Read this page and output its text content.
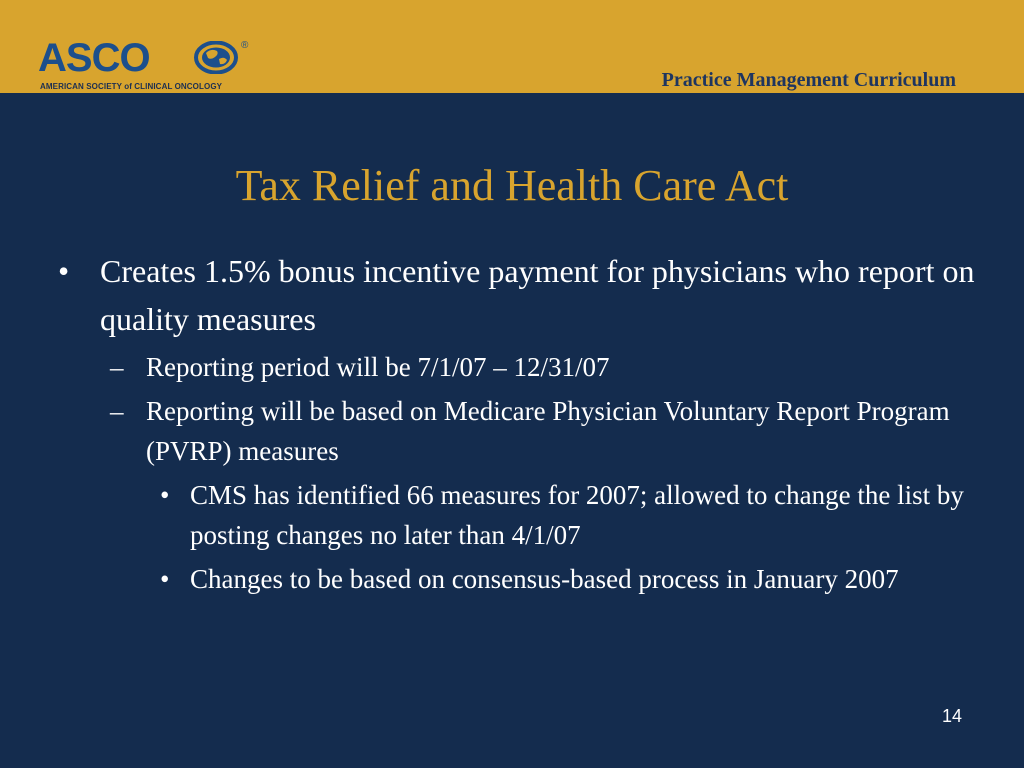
ASCO	®
AMERICAN SOCIETY of CLINICAL ONCOLOGY	Practice Management Curriculum
Tax Relief and Health Care Act
• Creates 1.5% bonus incentive payment for physicians who report on quality measures
– Reporting period will be 7/1/07 – 12/31/07
– Reporting will be based on Medicare Physician Voluntary Report Program (PVRP) measures
• CMS has identified 66 measures for 2007; allowed to change the list by posting changes no later than 4/1/07
• Changes to be based on consensus-based process in January 2007
14
